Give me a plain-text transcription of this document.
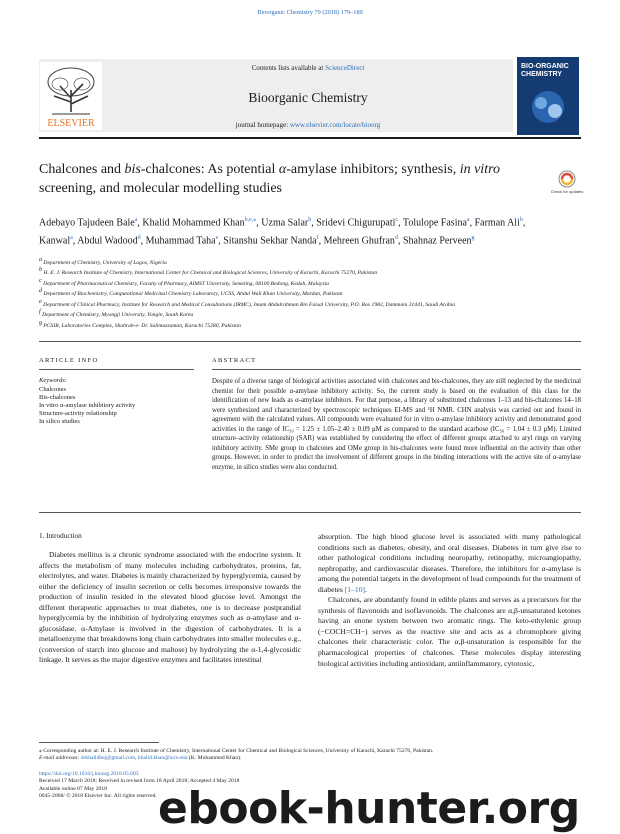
Bioorganic Chemistry 79 (2018) 179–189
ELSEVIER
Contents lists available at ScienceDirect
Bioorganic Chemistry
journal homepage: www.elsevier.com/locate/bioorg
BIO-ORGANIC CHEMISTRY
Chalcones and bis-chalcones: As potential α-amylase inhibitors; synthesis, in vitro screening, and molecular modelling studies	Check for updates
Adebayo Tajudeen Bale$^a$, Khalid Mohammed Khan$^{b,e,⁎}$, Uzma Salar$^b$, Sridevi Chigurupati$^c$, Tolulope Fasina$^a$, Farman Ali$^b$, Kanwal$^a$, Abdul Wadood$^d$, Muhammad Taha$^e$, Sitanshu Sekhar Nanda$^f$, Mehreen Ghufran$^d$, Shahnaz Perveen$^g$
$^a$ Department of Chemistry, University of Lagos, Nigeria
$^b$ H. E. J. Research Institute of Chemistry, International Center for Chemical and Biological Sciences, University of Karachi, Karachi 75270, Pakistan
$^c$ Department of Pharmaceutical Chemistry, Faculty of Pharmacy, AIMST University, Semeling, 08100 Bedong, Kedah, Malaysia
$^d$ Department of Biochemistry, Computational Medicinal Chemistry Laboratory, UCSS, Abdul Wali Khan University, Mardan, Pakistan
$^e$ Department of Clinical Pharmacy, Institute for Research and Medical Consultations (IRMC), Imam Abdulrahman Bin Faisal University, P.O. Box 1982, Dammam 31441, Saudi Arabia
$^f$ Department of Chemistry, Myongji University, Yongin, South Korea
$^g$ PCSIR, Laboratories Complex, Shahrah-e- Dr. Salimuzzaman, Karachi 75280, Pakistan
ARTICLE INFO	ABSTRACT
Keywords:
Chalcones
Bis-chalcones
In vitro α-amylase inhibitory activity
Structure-activity relationship
In silico studies
Despite of a diverse range of biological activities associated with chalcones and bis-chalcones, they are still neglected by the medicinal chemist for their possible α-amylase inhibitory activity. So, the current study is based on the evaluation of this class for the identification of new leads as α-amylase inhibitors. For that purpose, a library of substituted chalcones 1–13 and bis-chalcones 14–18 were synthesized and characterized by spectroscopic techniques EI-MS and ¹H NMR. CHN analysis was carried out and found in agreement with the calculated values. All compounds were evaluated for in vitro α-amylase inhibitory activity and demonstrated good activities in the range of IC₅₀ = 1.25 ± 1.05–2.40 ± 0.09 μM as compared to the standard acarbose (IC₅₀ = 1.04 ± 0.3 μM). Limited structure–activity relationship (SAR) was established by considering the effect of different groups attached to aryl rings on varying inhibitory activity. SMe group in chalcones and OMe group in bis-chalcones were found more influential on the activity than other groups. However, in order to predict the involvement of different groups in the binding interactions with the active site of α-amylase enzyme, in silico studies were also conducted.
1. Introduction

Diabetes mellitus is a chronic syndrome associated with the endocrine system. It affects the metabolism of many molecules including carbohydrates, proteins, fat, electrolytes, and water. Diabetes is mainly characterized by hyperglycemia, caused by either the deficiency of insulin secretion or cells becomes irresponsive towards the production of insulin resided in the elevated blood glucose level. Amongst the different therapeutic approaches to treat diabetes, one is to decrease postprandial hyperglycemia by the inhibition of hydrolyzing enzymes such as α-amylase and α-glucosidase. α-Amylase is involved in the digestion of carbohydrates. It is a metalloenzyme that breakdowns long chain carbohydrates into smaller molecules e.g., (conversion of starch into glucose and maltose) by hydrolyzing the α-1,4-glycosidic linkage. It serves as the major digestive enzymes and facilitates intestinal

absorption. The high blood glucose level is associated with many pathological conditions such as diabetes, obesity, and oral diseases. Diabetes in turn give rise to other pathological conditions including neuropathy, retinopathy, microangiopathy, nephropathy, and cardiovascular diseases. Therefore, the inhibitors for α-amylase is among the potential targets in the development of lead compounds for the treatment of diabetes [1–10].

Chalcones, are abundantly found in edible plants and serves as a precursors for the synthesis of flavonoids and isoflavonoids. The chalcones are α,β-unsaturated ketones having an enone system between two aromatic rings. The keto-ethylenic group (−COCH=CH−) serves as the reactive site and acts as a chromophore giving chalcones their characteristic color. The α,β-unsaturation is responsible for the pharmacological properties of chalcones. These molecules display interesting biological activities including antioxidant, antiinflammatory, cytotoxic,

⁎ Corresponding author at: H. E. J. Research Institute of Chemistry, International Center for Chemical and Biological Sciences, University of Karachi, Karachi 75270, Pakistan.
E-mail addresses: drkhalidhej@gmail.com, khalid.khan@iccs.edu (K. Mohammed Khan).
https://doi.org/10.1016/j.bioorg.2018.05.003
Received 17 March 2018; Received in revised form 18 April 2018; Accepted 4 May 2018
Available online 07 May 2018
0045-2068/ © 2018 Elsevier Inc. All rights reserved. ebook-hunter.org
